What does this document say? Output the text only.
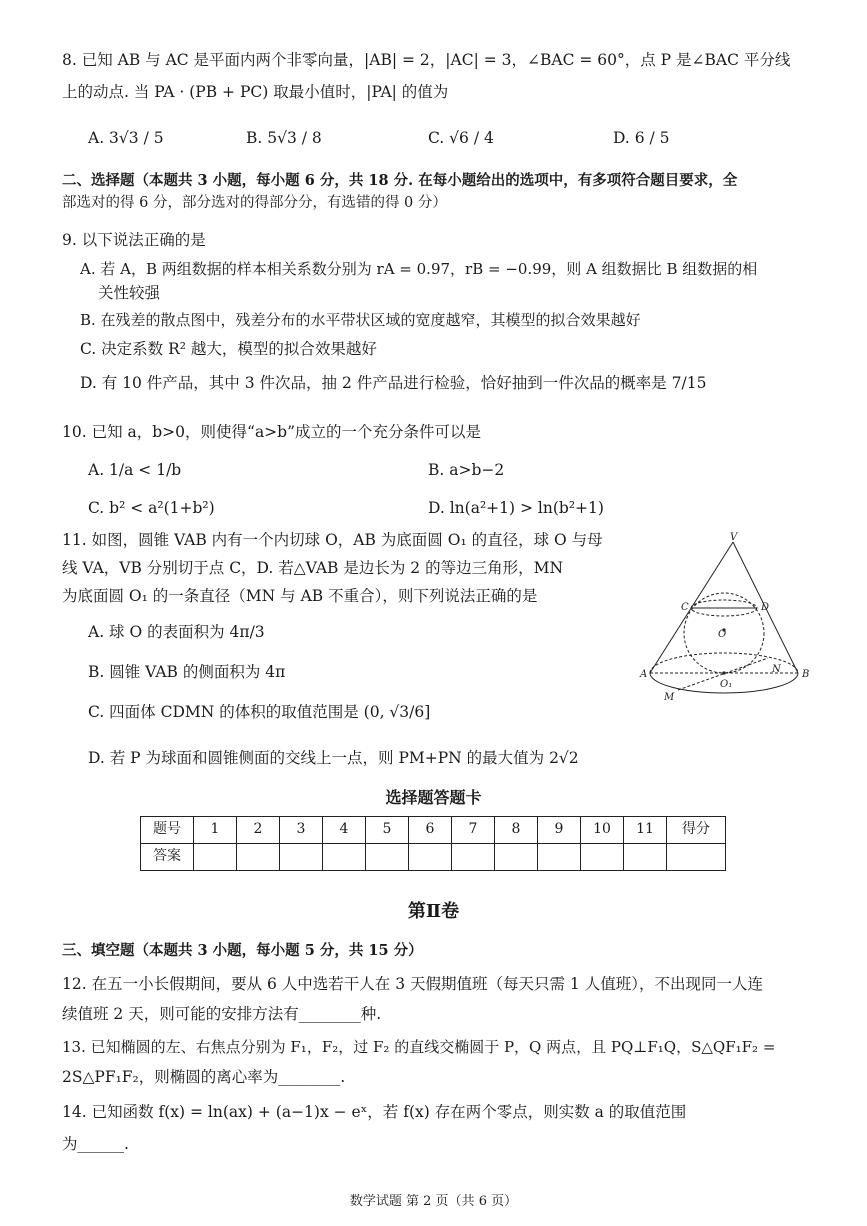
8. 已知 AB 与 AC 是平面内两个非零向量，|AB| = 2，|AC| = 3，∠BAC = 60°，点 P 是∠BAC 平分线
上的动点. 当 PA · (PB + PC) 取最小值时，|PA| 的值为
A. 3√3 / 5	B. 5√3 / 8	C. √6 / 4	D. 6 / 5
二、选择题（本题共 3 小题，每小题 6 分，共 18 分. 在每小题给出的选项中，有多项符合题目要求，全
部选对的得 6 分，部分选对的得部分分，有选错的得 0 分）
9. 以下说法正确的是
A. 若 A，B 两组数据的样本相关系数分别为 rA = 0.97，rB = −0.99，则 A 组数据比 B 组数据的相
关性较强
B. 在残差的散点图中，残差分布的水平带状区域的宽度越窄，其模型的拟合效果越好
C. 决定系数 R² 越大，模型的拟合效果越好
D. 有 10 件产品，其中 3 件次品，抽 2 件产品进行检验，恰好抽到一件次品的概率是 7/15
10. 已知 a，b>0，则使得“a>b”成立的一个充分条件可以是
A. 1/a < 1/b	B. a>b−2
C. b² < a²(1+b²)	D. ln(a²+1) > ln(b²+1)
11. 如图，圆锥 VAB 内有一个内切球 O，AB 为底面圆 O₁ 的直径，球 O 与母
线 VA，VB 分别切于点 C，D. 若△VAB 是边长为 2 的等边三角形，MN
为底面圆 O₁ 的一条直径（MN 与 AB 不重合），则下列说法正确的是
A. 球 O 的表面积为 4π/3
B. 圆锥 VAB 的侧面积为 4π
C. 四面体 CDMN 的体积的取值范围是 (0, √3/6]
D. 若 P 为球面和圆锥侧面的交线上一点，则 PM+PN 的最大值为 2√2
V
C	D
O
A	B
N
M
O₁
选择题答题卡
题号	1	2	3	4	5	6	7	8	9	10	11	得分
答案												
第Ⅱ卷
三、填空题（本题共 3 小题，每小题 5 分，共 15 分）
12. 在五一小长假期间，要从 6 人中选若干人在 3 天假期值班（每天只需 1 人值班），不出现同一人连
续值班 2 天，则可能的安排方法有________种.
13. 已知椭圆的左、右焦点分别为 F₁，F₂，过 F₂ 的直线交椭圆于 P，Q 两点，且 PQ⊥F₁Q，S△QF₁F₂ =
2S△PF₁F₂，则椭圆的离心率为________.
14. 已知函数 f(x) = ln(ax) + (a−1)x − eˣ，若 f(x) 存在两个零点，则实数 a 的取值范围
为______.
数学试题 第 2 页（共 6 页）
